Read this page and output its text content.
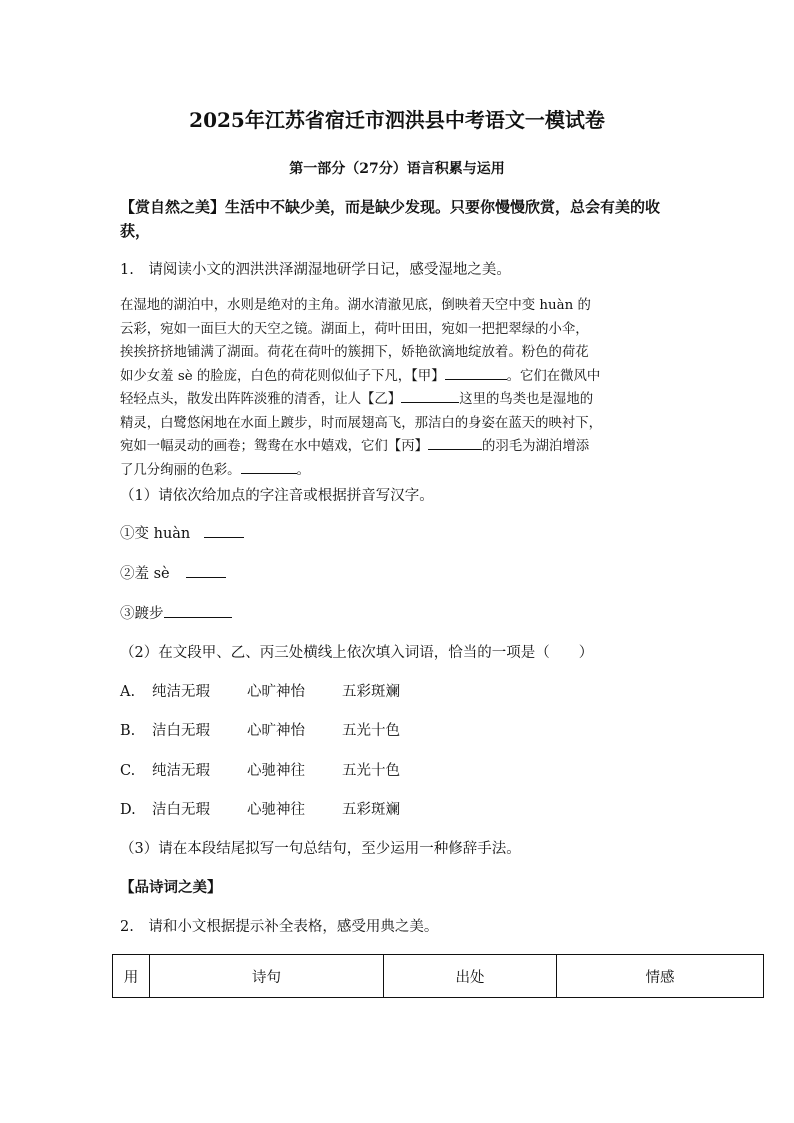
2025年江苏省宿迁市泗洪县中考语文一模试卷
第一部分（27分）语言积累与运用
【赏自然之美】生活中不缺少美，而是缺少发现。只要你慢慢欣赏，总会有美的收获，
1.　请阅读小文的泗洪洪泽湖湿地研学日记，感受湿地之美。

在湿地的湖泊中，水则是绝对的主角。湖水清澈见底，倒映着天空中变 huàn 的

云彩，宛如一面巨大的天空之镜。湖面上，荷叶田田，宛如一把把翠绿的小伞，

挨挨挤挤地铺满了湖面。荷花在荷叶的簇拥下，娇艳欲滴地绽放着。粉色的荷花

如少女羞 sè 的脸庞，白色的荷花则似仙子下凡，【甲】	。它们在微风中

轻轻点头，散发出阵阵淡雅的清香，让人【乙】	这里的鸟类也是湿地的

精灵，白鹭悠闲地在水面上踱步，时而展翅高飞，那洁白的身姿在蓝天的映衬下，

宛如一幅灵动的画卷；鸳鸯在水中嬉戏，它们【丙】	的羽毛为湖泊增添

了几分绚丽的色彩。	。

（1）请依次给加点的字注音或根据拼音写汉字。
①变 huàn
②羞 sè
③踱步
（2）在文段甲、乙、丙三处横线上依次填入词语，恰当的一项是（　　）
A. 纯洁无瑕	心旷神怡	五彩斑斓
B. 洁白无瑕	心旷神怡	五光十色
C. 纯洁无瑕	心驰神往	五光十色
D. 洁白无瑕	心驰神往	五彩斑斓
（3）请在本段结尾拟写一句总结句，至少运用一种修辞手法。
【品诗词之美】
2.　请和小文根据提示补全表格，感受用典之美。
用	诗句	出处	情感
